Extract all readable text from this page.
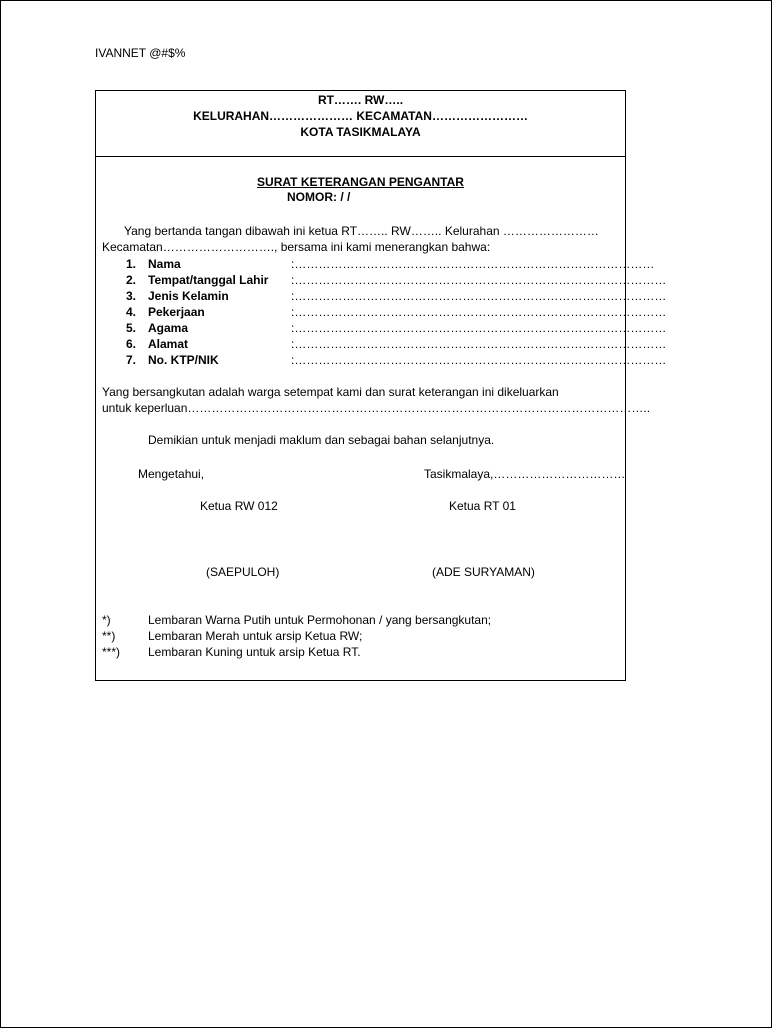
IVANNET @#$%
RT……. RW…..
KELURAHAN………………… KECAMATAN……………………
KOTA TASIKMALAYA
SURAT KETERANGAN PENGANTAR
NOMOR: / /
Yang bertanda tangan dibawah ini ketua RT…….. RW…….. Kelurahan ……………………
Kecamatan………………………., bersama ini kami menerangkan bahwa:
1. Nama	:………………………………………………………………………………
2. Tempat/tanggal Lahir :…………………………………………………………………………………
3. Jenis Kelamin	:…………………………………………………………………………………
4. Pekerjaan	:…………………………………………………………………………………
5. Agama	:…………………………………………………………………………………
6. Alamat	:…………………………………………………………………………………
7. No. KTP/NIK	:…………………………………………………………………………………
Yang bersangkutan adalah warga setempat kami dan surat keterangan ini dikeluarkan
untuk keperluan……………………………………………………………………………………………………..
Demikian untuk menjadi maklum dan sebagai bahan selanjutnya.
Mengetahui,	Tasikmalaya,……………………………
Ketua RW 012	Ketua RT 01
(SAEPULOH)	(ADE SURYAMAN)
*)	Lembaran Warna Putih untuk Permohonan / yang bersangkutan;
**)	Lembaran Merah untuk arsip Ketua RW;
***) Lembaran Kuning untuk arsip Ketua RT.
